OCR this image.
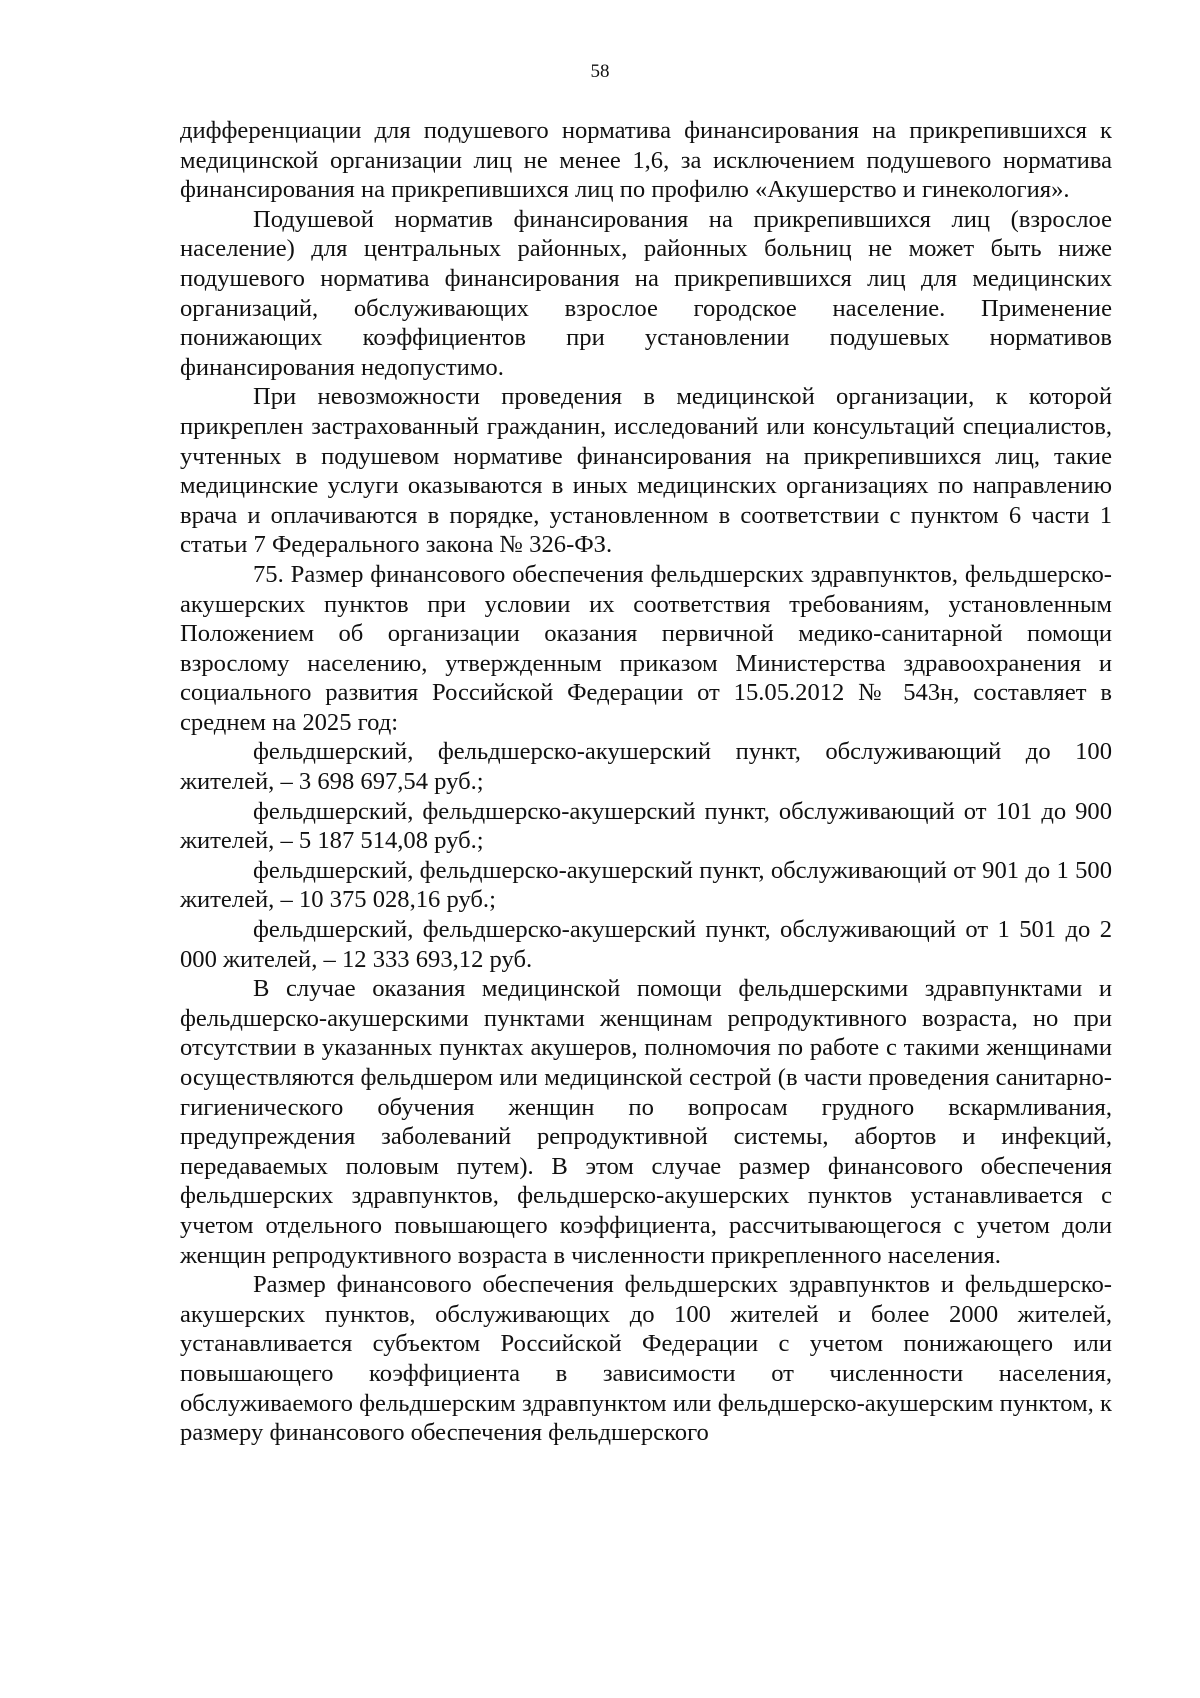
58

дифференциации для подушевого норматива финансирования на прикрепившихся к медицинской организации лиц не менее 1,6, за исключением подушевого норматива финансирования на прикрепившихся лиц по профилю «Акушерство и гинекология».

Подушевой норматив финансирования на прикрепившихся лиц (взрослое население) для центральных районных, районных больниц не может быть ниже подушевого норматива финансирования на прикрепившихся лиц для медицинских организаций, обслуживающих взрослое городское население. Применение понижающих коэффициентов при установлении подушевых нормативов финансирования недопустимо.

При невозможности проведения в медицинской организации, к которой прикреплен застрахованный гражданин, исследований или консультаций специалистов, учтенных в подушевом нормативе финансирования на прикрепившихся лиц, такие медицинские услуги оказываются в иных медицинских организациях по направлению врача и оплачиваются в порядке, установленном в соответствии с пунктом 6 части 1 статьи 7 Федерального закона № 326-ФЗ.

75. Размер финансового обеспечения фельдшерских здравпунктов, фельдшерско-акушерских пунктов при условии их соответствия требованиям, установленным Положением об организации оказания первичной медико-санитарной помощи взрослому населению, утвержденным приказом Министерства здравоохранения и социального развития Российской Федерации от 15.05.2012 № 543н, составляет в среднем на 2025 год:

фельдшерский, фельдшерско-акушерский пункт, обслуживающий до 100 жителей, – 3 698 697,54 руб.;

фельдшерский, фельдшерско-акушерский пункт, обслуживающий от 101 до 900 жителей, – 5 187 514,08 руб.;

фельдшерский, фельдшерско-акушерский пункт, обслуживающий от 901 до 1 500 жителей, – 10 375 028,16 руб.;

фельдшерский, фельдшерско-акушерский пункт, обслуживающий от 1 501 до 2 000 жителей, – 12 333 693,12 руб.

В случае оказания медицинской помощи фельдшерскими здравпунктами и фельдшерско-акушерскими пунктами женщинам репродуктивного возраста, но при отсутствии в указанных пунктах акушеров, полномочия по работе с такими женщинами осуществляются фельдшером или медицинской сестрой (в части проведения санитарно-гигиенического обучения женщин по вопросам грудного вскармливания, предупреждения заболеваний репродуктивной системы, абортов и инфекций, передаваемых половым путем). В этом случае размер финансового обеспечения фельдшерских здравпунктов, фельдшерско-акушерских пунктов устанавливается с учетом отдельного повышающего коэффициента, рассчитывающегося с учетом доли женщин репродуктивного возраста в численности прикрепленного населения.

Размер финансового обеспечения фельдшерских здравпунктов и фельдшерско-акушерских пунктов, обслуживающих до 100 жителей и более 2000 жителей, устанавливается субъектом Российской Федерации с учетом понижающего или повышающего коэффициента в зависимости от численности населения, обслуживаемого фельдшерским здравпунктом или фельдшерско-акушерским пунктом, к размеру финансового обеспечения фельдшерского
